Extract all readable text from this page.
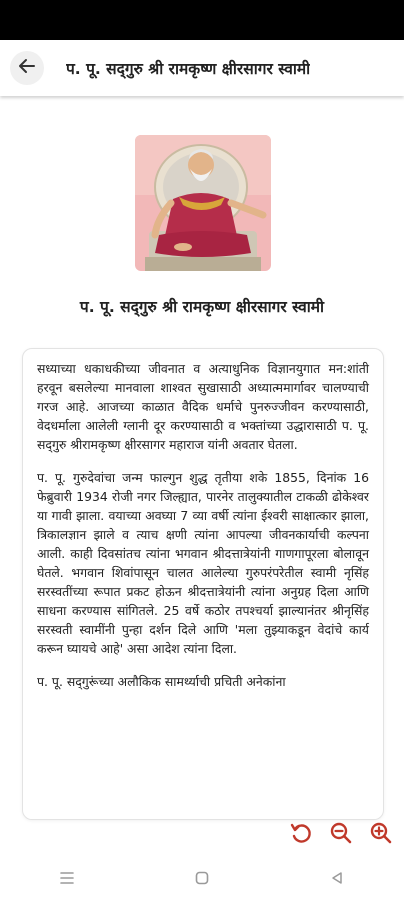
प. पू. सद्‌गुरु श्री रामकृष्ण क्षीरसागर स्वामी
प. पू. सद्‌गुरु श्री रामकृष्ण क्षीरसागर स्वामी

सध्याच्या धकाधकीच्या जीवनात व अत्याधुनिक विज्ञानयुगात मन:शांती हरवून बसलेल्या मानवाला शाश्वत सुखासाठी अध्यात्ममार्गावर चालण्याची गरज आहे. आजच्या काळात वैदिक धर्माचे पुनरुज्जीवन करण्यासाठी, वेदधर्माला आलेली ग्लानी दूर करण्यासाठी व भक्तांच्या उद्धारासाठी प. पू. सद्‌गुरु श्रीरामकृष्ण क्षीरसागर महाराज यांनी अवतार घेतला.

प. पू. गुरुदेवांचा जन्म फाल्गुन शुद्ध तृतीया शके 1855, दिनांक 16 फेब्रुवारी 1934 रोजी नगर जिल्ह्यात, पारनेर तालुक्यातील टाकळी ढोकेश्वर या गावी झाला. वयाच्या अवघ्या 7 व्या वर्षी त्यांना ईश्वरी साक्षात्कार झाला, त्रिकालज्ञान झाले व त्याच क्षणी त्यांना आपल्या जीवनकार्याची कल्पना आली. काही दिवसांतच त्यांना भगवान श्रीदत्तात्रेयांनी गाणगापूरला बोलावून घेतले. भगवान शिवांपासून चालत आलेल्या गुरुपरंपरेतील स्वामी नृसिंह सरस्वतींच्या रूपात प्रकट होऊन श्रीदत्तात्रेयांनी त्यांना अनुग्रह दिला आणि साधना करण्यास सांगितले. 25 वर्षे कठोर तपश्चर्या झाल्यानंतर श्रीनृसिंह सरस्वती स्वामींनी पुन्हा दर्शन दिले आणि 'मला तुझ्याकडून वेदांचे कार्य करून घ्यायचे आहे' असा आदेश त्यांना दिला.

प. पू. सद्‌गुरूंच्या अलौकिक सामर्थ्याची प्रचिती अनेकांना
